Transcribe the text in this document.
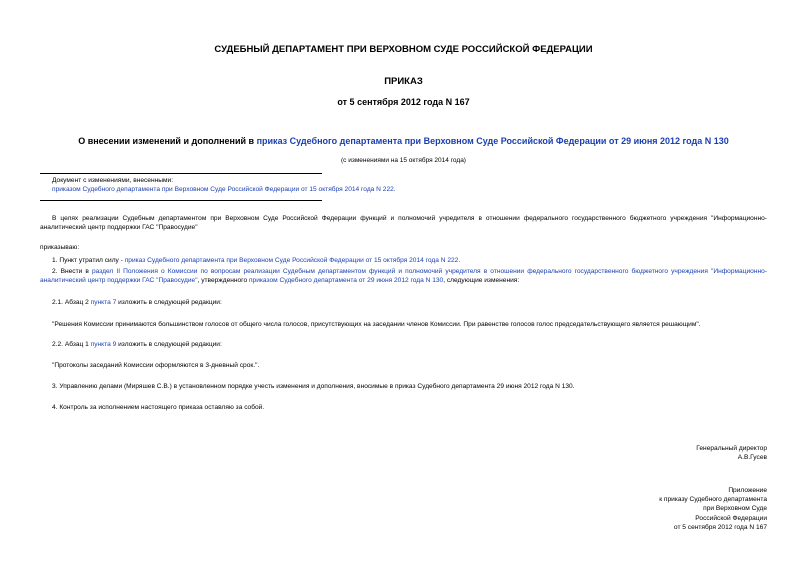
СУДЕБНЫЙ ДЕПАРТАМЕНТ ПРИ ВЕРХОВНОМ СУДЕ РОССИЙСКОЙ ФЕДЕРАЦИИ
ПРИКАЗ
от 5 сентября 2012 года N 167
О внесении изменений и дополнений в приказ Судебного департамента при Верховном Суде Российской Федерации от 29 июня 2012 года N 130
(с изменениями на 15 октября 2014 года)
Документ с изменениями, внесенными:
приказом Судебного департамента при Верховном Суде Российской Федерации от 15 октября 2014 года N 222.
В целях реализации Судебным департаментом при Верховном Суде Российской Федерации функций и полномочий учредителя в отношении федерального государственного бюджетного учреждения "Информационно-аналитический центр поддержки ГАС "Правосудие"
приказываю:
1. Пункт утратил силу - приказ Судебного департамента при Верховном Суде Российской Федерации от 15 октября 2014 года N 222.
2. Внести в раздел II Положения о Комиссии по вопросам реализации Судебным департаментом функций и полномочий учредителя в отношении федерального государственного бюджетного учреждения "Информационно-аналитический центр поддержки ГАС "Правосудие", утвержденного приказом Судебного департамента от 29 июня 2012 года N 130, следующие изменения:
2.1. Абзац 2 пункта 7 изложить в следующей редакции:
"Решения Комиссии принимаются большинством голосов от общего числа голосов, присутствующих на заседании членов Комиссии. При равенстве голосов голос председательствующего является решающим".
2.2. Абзац 1 пункта 9 изложить в следующей редакции:
"Протоколы заседаний Комиссии оформляются в 3-дневный срок.".
3. Управлению делами (Миряшев С.В.) в установленном порядке учесть изменения и дополнения, вносимые в приказ Судебного департамента 29 июня 2012 года N 130.
4. Контроль за исполнением настоящего приказа оставляю за собой.
Генеральный директор
А.В.Гусев
Приложение
к приказу Судебного департамента
при Верховном Суде
Российской Федерации
от 5 сентября 2012 года N 167
